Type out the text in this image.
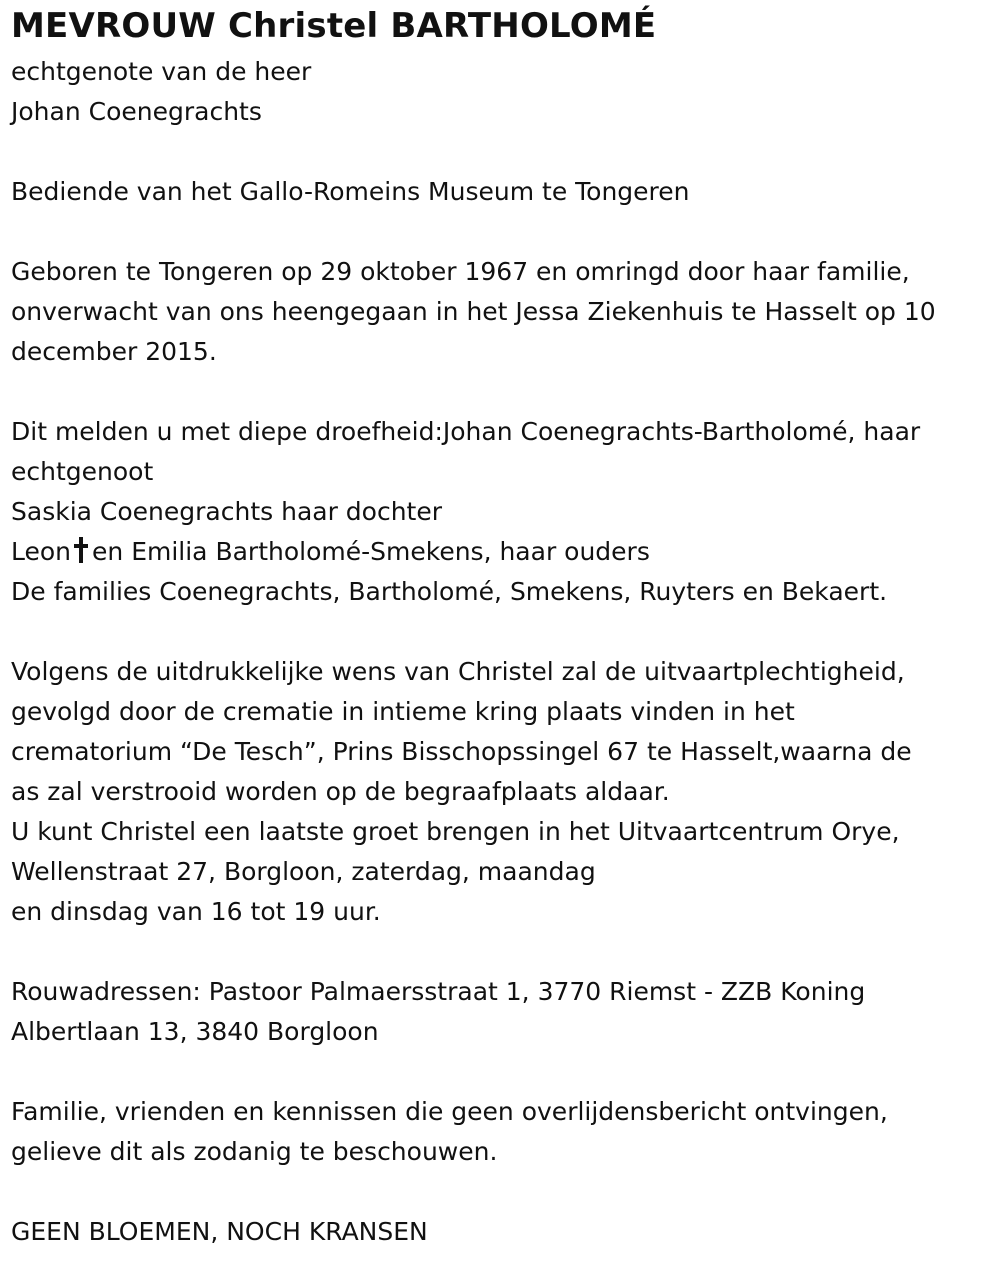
MEVROUW Christel BARTHOLOMÉ

echtgenote van de heer

Johan Coenegrachts

Bediende van het Gallo-Romeins Museum te Tongeren

Geboren te Tongeren op 29 oktober 1967 en omringd door haar familie,

onverwacht van ons heengegaan in het Jessa Ziekenhuis te Hasselt op 10

december 2015.

Dit melden u met diepe droefheid:Johan Coenegrachts-Bartholomé, haar

echtgenoot

Saskia Coenegrachts haar dochter

Leon en Emilia Bartholomé-Smekens, haar ouders

De families Coenegrachts, Bartholomé, Smekens, Ruyters en Bekaert.

Volgens de uitdrukkelijke wens van Christel zal de uitvaartplechtigheid,

gevolgd door de crematie in intieme kring plaats vinden in het

crematorium “De Tesch”, Prins Bisschopssingel 67 te Hasselt,waarna de

as zal verstrooid worden op de begraafplaats aldaar.

U kunt Christel een laatste groet brengen in het Uitvaartcentrum Orye,

Wellenstraat 27, Borgloon, zaterdag, maandag

en dinsdag van 16 tot 19 uur.

Rouwadressen: Pastoor Palmaersstraat 1, 3770 Riemst - ZZB Koning

Albertlaan 13, 3840 Borgloon

Familie, vrienden en kennissen die geen overlijdensbericht ontvingen,

gelieve dit als zodanig te beschouwen.

GEEN BLOEMEN, NOCH KRANSEN
